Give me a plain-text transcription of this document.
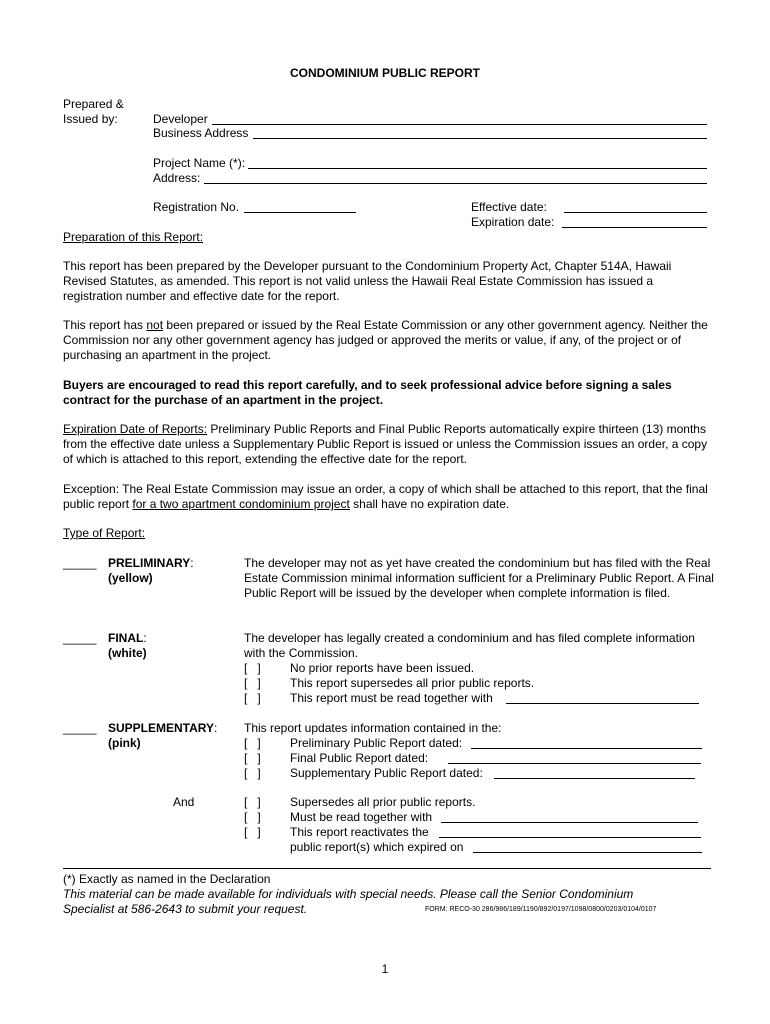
CONDOMINIUM PUBLIC REPORT
Prepared &
Issued by:	Developer
Business Address
Project Name (*):
Address:
Registration No.	Effective date:
Expiration date:
Preparation of this Report:
This report has been prepared by the Developer pursuant to the Condominium Property Act, Chapter 514A, Hawaii Revised Statutes, as amended. This report is not valid unless the Hawaii Real Estate Commission has issued a registration number and effective date for the report.
This report has not been prepared or issued by the Real Estate Commission or any other government agency. Neither the Commission nor any other government agency has judged or approved the merits or value, if any, of the project or of purchasing an apartment in the project.
Buyers are encouraged to read this report carefully, and to seek professional advice before signing a sales contract for the purchase of an apartment in the project.
Expiration Date of Reports: Preliminary Public Reports and Final Public Reports automatically expire thirteen (13) months from the effective date unless a Supplementary Public Report is issued or unless the Commission issues an order, a copy of which is attached to this report, extending the effective date for the report.
Exception: The Real Estate Commission may issue an order, a copy of which shall be attached to this report, that the final public report for a two apartment condominium project shall have no expiration date.
Type of Report:
_____ PRELIMINARY:
(yellow)
The developer may not as yet have created the condominium but has filed with the Real Estate Commission minimal information sufficient for a Preliminary Public Report. A Final Public Report will be issued by the developer when complete information is filed.
_____ FINAL:
(white)
The developer has legally created a condominium and has filed complete information with the Commission.
[   ] No prior reports have been issued.
[   ] This report supersedes all prior public reports.
[   ] This report must be read together with
_____ SUPPLEMENTARY:
(pink)
This report updates information contained in the:
[   ] Preliminary Public Report dated:
[   ] Final Public Report dated:
[   ] Supplementary Public Report dated:
And	[   ] Supersedes all prior public reports.
[   ] Must be read together with
[   ] This report reactivates the
public report(s) which expired on
(*) Exactly as named in the Declaration
This material can be made available for individuals with special needs. Please call the Senior Condominium
Specialist at 586-2643 to submit your request.	FORM: RECO-30 286/986/189/1190/892/0197/1098/0800/0203/0104/0107
1
